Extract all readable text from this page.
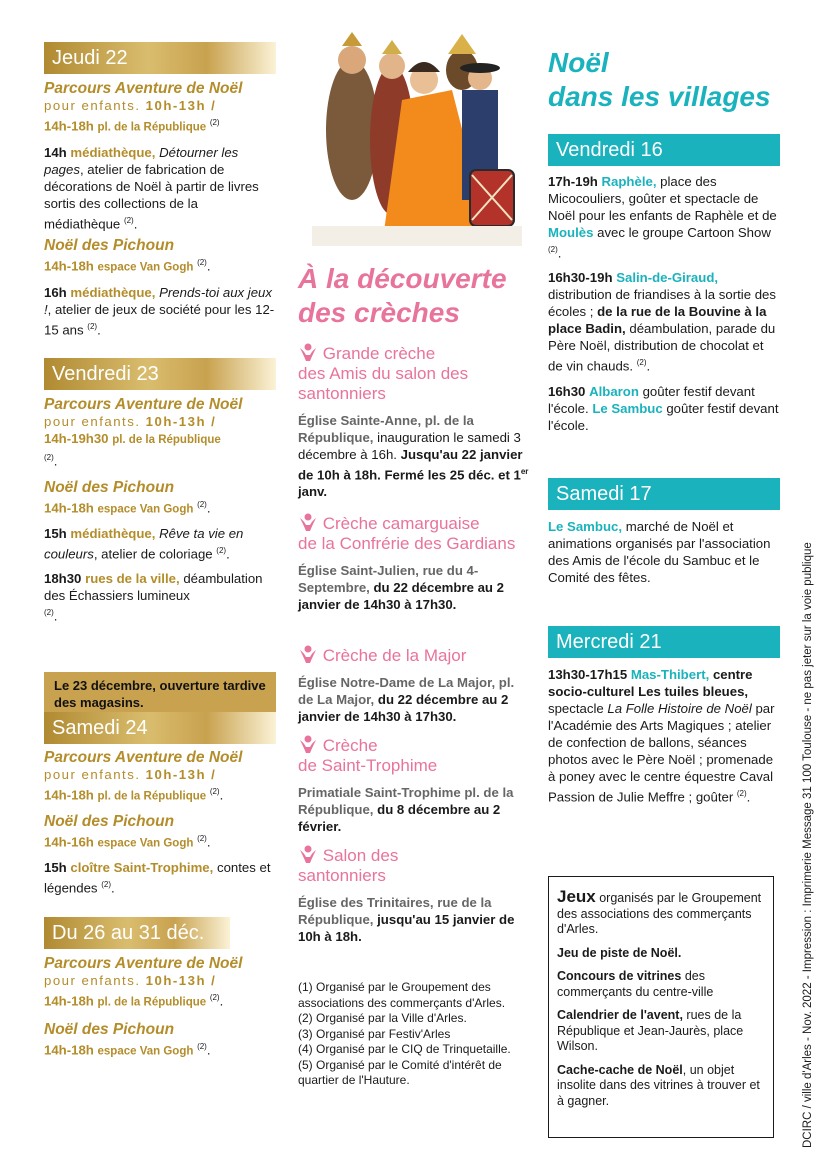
Jeudi 22

Parcours Aventure de Noël

pour enfants. 10h-13h /

14h-18h pl. de la République $^{(2)}$

14h médiathèque, Détourner les pages, atelier de fabrication de décorations de Noël à partir de livres sortis des collections de la médiathèque $^{(2)}$.

Noël des Pichoun

14h-18h espace Van Gogh $^{(2)}$.

16h médiathèque, Prends-toi aux jeux !, atelier de jeux de société pour les 12-15 ans $^{(2)}$.

Vendredi 23

Parcours Aventure de Noël

pour enfants. 10h-13h /

14h-19h30 pl. de la République
$^{(2)}$.

Noël des Pichoun

14h-18h espace Van Gogh $^{(2)}$.

15h médiathèque, Rêve ta vie en couleurs, atelier de coloriage $^{(2)}$.

18h30 rues de la ville, déambulation des Échassiers lumineux
$^{(2)}$.

Le 23 décembre, ouverture tardive des magasins.
Samedi 24

Parcours Aventure de Noël

pour enfants. 10h-13h /

14h-18h pl. de la République $^{(2)}$.

Noël des Pichoun

14h-16h espace Van Gogh $^{(2)}$.

15h cloître Saint-Trophime, contes et légendes $^{(2)}$.

Du 26 au 31 déc.

Parcours Aventure de Noël

pour enfants. 10h-13h /

14h-18h pl. de la République $^{(2)}$.

Noël des Pichoun

14h-18h espace Van Gogh $^{(2)}$.

À la découverte
des crèches
Grande crèche
des Amis du salon des santonniers

Église Sainte-Anne, pl. de la République, inauguration le samedi 3 décembre à 16h. Jusqu'au 22 janvier de 10h à 18h. Fermé les 25 déc. et 1er janv.

Crèche camarguaise
de la Confrérie des Gardians

Église Saint-Julien, rue du 4-Septembre, du 22 décembre au 2 janvier de 14h30 à 17h30.

Crèche de la Major

Église Notre-Dame de La Major, pl. de La Major, du 22 décembre au 2 janvier de 14h30 à 17h30.

Crèche
de Saint-Trophime

Primatiale Saint-Trophime pl. de la République, du 8 décembre au 2 février.

Salon des
santonniers

Église des Trinitaires, rue de la République, jusqu'au 15 janvier de 10h à 18h.

(1) Organisé par le Groupement des associations des commerçants d'Arles.
(2) Organisé par la Ville d'Arles.
(3) Organisé par Festiv'Arles
(4) Organisé par le CIQ de Trinquetaille.
(5) Organisé par le Comité d'intérêt de quartier de l'Hauture.
Noël
dans les villages
Vendredi 16

17h-19h Raphèle, place des Micocouliers, goûter et spectacle de Noël pour les enfants de Raphèle et de Moulès avec le groupe Cartoon Show $^{(2)}$.

16h30-19h Salin-de-Giraud, distribution de friandises à la sortie des écoles ; de la rue de la Bouvine à la place Badin, déambulation, parade du Père Noël, distribution de chocolat et de vin chauds. $^{(2)}$.

16h30 Albaron goûter festif devant l'école. Le Sambuc goûter festif devant l'école.

Samedi 17

Le Sambuc, marché de Noël et animations organisés par l'association des Amis de l'école du Sambuc et le Comité des fêtes.

Mercredi 21

13h30-17h15 Mas-Thibert, centre socio-culturel Les tuiles bleues, spectacle La Folle Histoire de Noël par l'Académie des Arts Magiques ; atelier de confection de ballons, séances photos avec le Père Noël ; promenade à poney avec le centre équestre Caval Passion de Julie Meffre ; goûter $^{(2)}$.

Jeux organisés par le Groupement des associations des commerçants d'Arles.

Jeu de piste de Noël.

Concours de vitrines des commerçants du centre-ville

Calendrier de l'avent, rues de la République et Jean-Jaurès, place Wilson.

Cache-cache de Noël, un objet insolite dans des vitrines à trouver et à gagner.	DCIRC / ville d'Arles - Nov. 2022 - Impression : Imprimerie Message 31 100 Toulouse - ne pas jeter sur la voie publique
